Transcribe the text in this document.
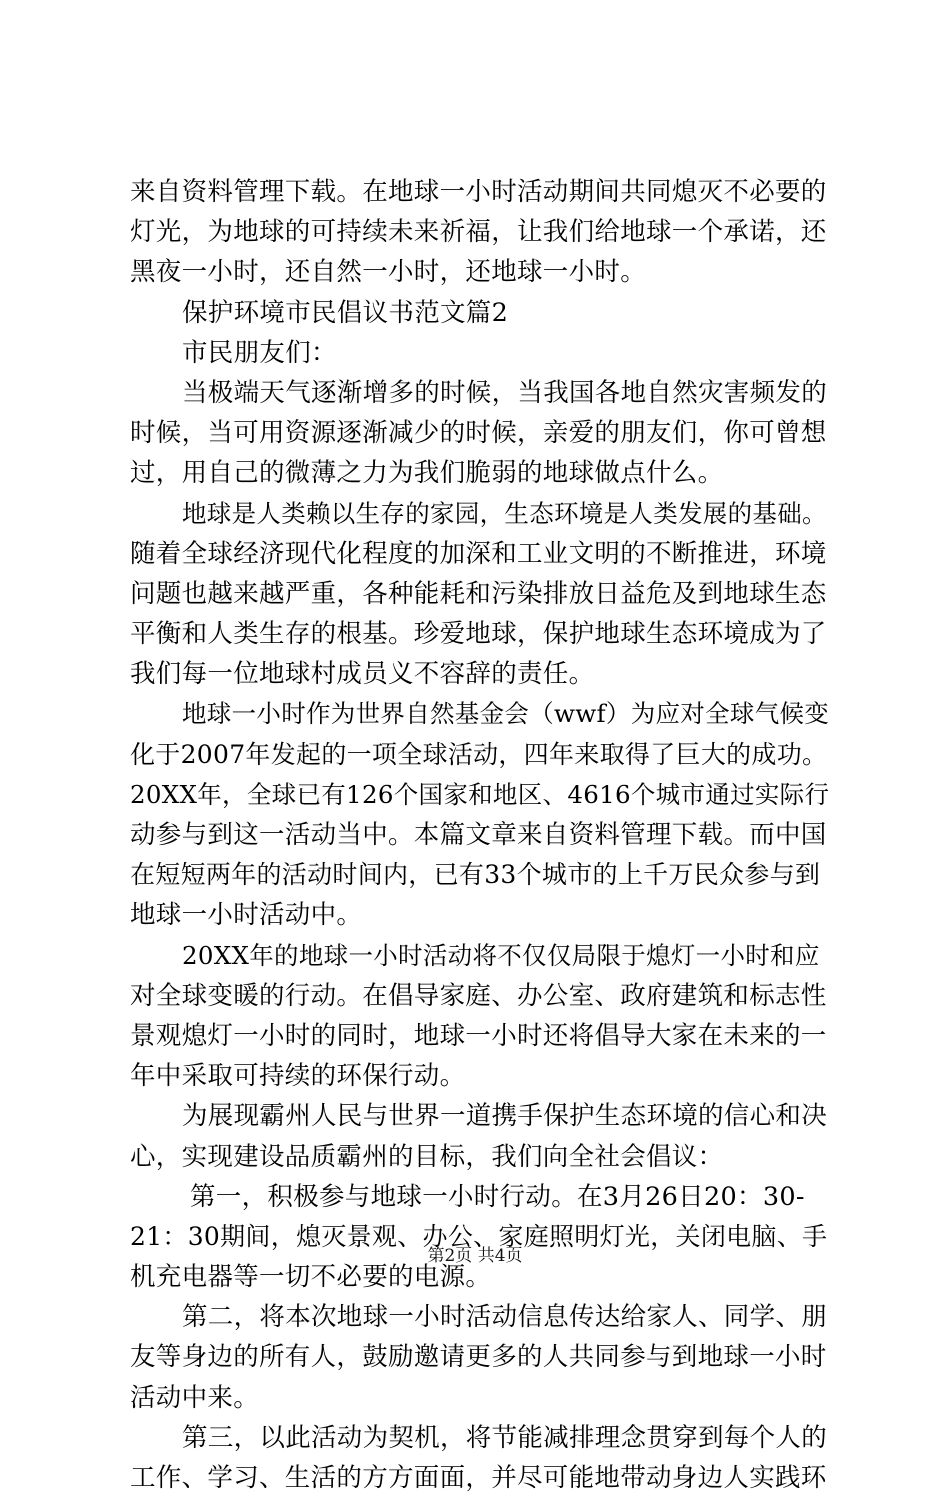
来自资料管理下载。在地球一小时活动期间共同熄灭不必要的
灯光，为地球的可持续未来祈福，让我们给地球一个承诺，还
黑夜一小时，还自然一小时，还地球一小时。
保护环境市民倡议书范文篇2
市民朋友们：
当极端天气逐渐增多的时候，当我国各地自然灾害频发的
时候，当可用资源逐渐减少的时候，亲爱的朋友们，你可曾想
过，用自己的微薄之力为我们脆弱的地球做点什么。
地球是人类赖以生存的家园，生态环境是人类发展的基础。
随着全球经济现代化程度的加深和工业文明的不断推进，环境
问题也越来越严重，各种能耗和污染排放日益危及到地球生态
平衡和人类生存的根基。珍爱地球，保护地球生态环境成为了
我们每一位地球村成员义不容辞的责任。
地球一小时作为世界自然基金会（wwf）为应对全球气候变
化于2007年发起的一项全球活动，四年来取得了巨大的成功。
20XX年，全球已有126个国家和地区、4616个城市通过实际行
动参与到这一活动当中。本篇文章来自资料管理下载。而中国
在短短两年的活动时间内，已有33个城市的上千万民众参与到
地球一小时活动中。
20XX年的地球一小时活动将不仅仅局限于熄灯一小时和应
对全球变暖的行动。在倡导家庭、办公室、政府建筑和标志性
景观熄灯一小时的同时，地球一小时还将倡导大家在未来的一
年中采取可持续的环保行动。
为展现霸州人民与世界一道携手保护生态环境的信心和决
心，实现建设品质霸州的目标，我们向全社会倡议：
第一，积极参与地球一小时行动。在3月26日20：30-
21：30期间，熄灭景观、办公、家庭照明灯光，关闭电脑、手
机充电器等一切不必要的电源。
第二，将本次地球一小时活动信息传达给家人、同学、朋
友等身边的所有人，鼓励邀请更多的人共同参与到地球一小时
活动中来。
第三，以此活动为契机，将节能减排理念贯穿到每个人的
工作、学习、生活的方方面面，并尽可能地带动身边人实践环
第2页 共4页
